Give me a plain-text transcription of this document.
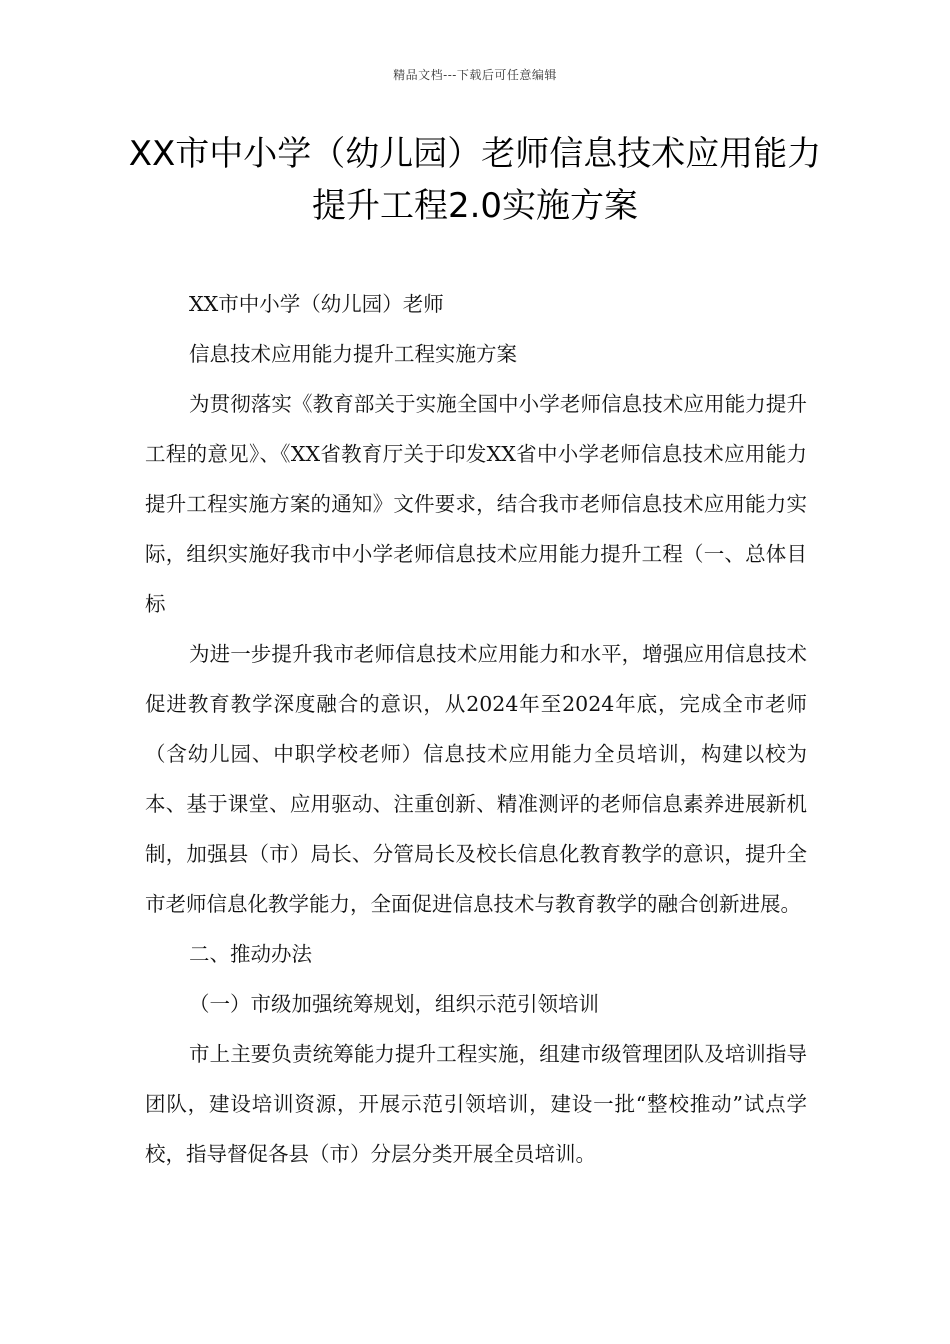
精品文档---下载后可任意编辑
XX市中小学（幼儿园）老师信息技术应用能力提升工程2.0实施方案

XX市中小学（幼儿园）老师

信息技术应用能力提升工程实施方案

为贯彻落实《教育部关于实施全国中小学老师信息技术应用能力提升工程的意见》、《XX省教育厅关于印发XX省中小学老师信息技术应用能力提升工程实施方案的通知》文件要求，结合我市老师信息技术应用能力实际，组织实施好我市中小学老师信息技术应用能力提升工程（一、总体目标

为进一步提升我市老师信息技术应用能力和水平，增强应用信息技术促进教育教学深度融合的意识，从2024年至2024年底，完成全市老师（含幼儿园、中职学校老师）信息技术应用能力全员培训，构建以校为本、基于课堂、应用驱动、注重创新、精准测评的老师信息素养进展新机制，加强县（市）局长、分管局长及校长信息化教育教学的意识，提升全市老师信息化教学能力，全面促进信息技术与教育教学的融合创新进展。

二、推动办法

（一）市级加强统筹规划，组织示范引领培训

市上主要负责统筹能力提升工程实施，组建市级管理团队及培训指导团队，建设培训资源，开展示范引领培训，建设一批“整校推动”试点学校，指导督促各县（市）分层分类开展全员培训。
